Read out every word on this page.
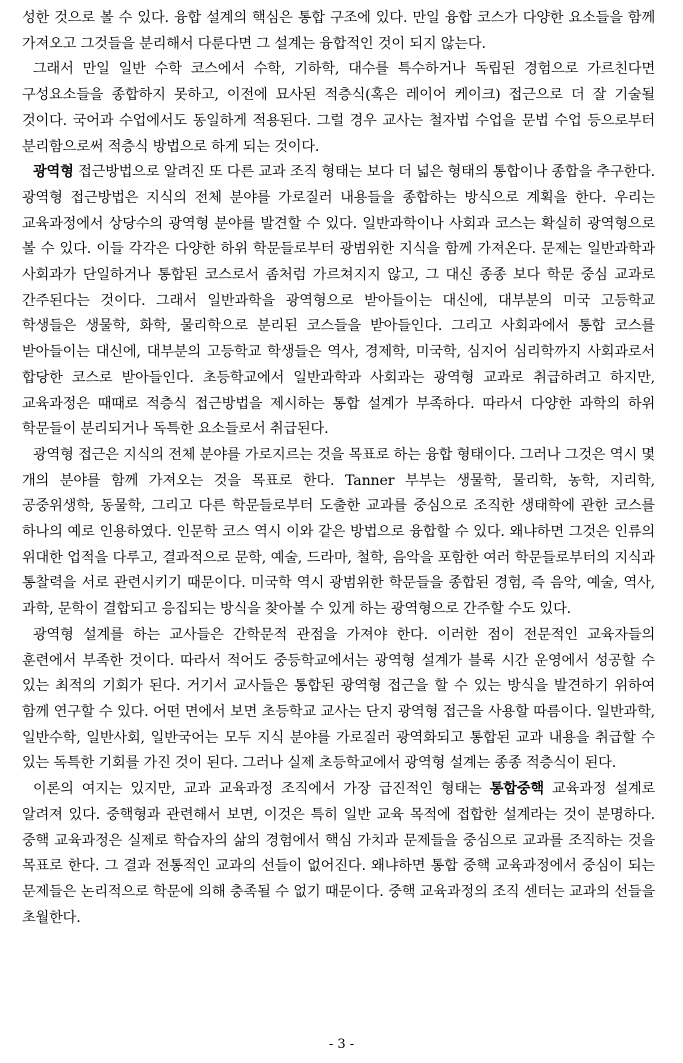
성한 것으로 볼 수 있다. 융합 설계의 핵심은 통합 구조에 있다. 만일 융합 코스가 다양한 요소들을 함께 가져오고 그것들을 분리해서 다룬다면 그 설계는 융합적인 것이 되지 않는다.

그래서 만일 일반 수학 코스에서 수학, 기하학, 대수를 특수하거나 독립된 경험으로 가르친다면 구성요소들을 종합하지 못하고, 이전에 묘사된 적층식(혹은 레이어 케이크) 접근으로 더 잘 기술될 것이다. 국어과 수업에서도 동일하게 적용된다. 그럴 경우 교사는 철자법 수업을 문법 수업 등으로부터 분리함으로써 적층식 방법으로 하게 되는 것이다.

광역형 접근방법으로 알려진 또 다른 교과 조직 형태는 보다 더 넓은 형태의 통합이나 종합을 추구한다. 광역형 접근방법은 지식의 전체 분야를 가로질러 내용들을 종합하는 방식으로 계획을 한다. 우리는 교육과정에서 상당수의 광역형 분야를 발견할 수 있다. 일반과학이나 사회과 코스는 확실히 광역형으로 볼 수 있다. 이들 각각은 다양한 하위 학문들로부터 광범위한 지식을 함께 가져온다. 문제는 일반과학과 사회과가 단일하거나 통합된 코스로서 좀처럼 가르쳐지지 않고, 그 대신 종종 보다 학문 중심 교과로 간주된다는 것이다. 그래서 일반과학을 광역형으로 받아들이는 대신에, 대부분의 미국 고등학교 학생들은 생물학, 화학, 물리학으로 분리된 코스들을 받아들인다. 그리고 사회과에서 통합 코스를 받아들이는 대신에, 대부분의 고등학교 학생들은 역사, 경제학, 미국학, 심지어 심리학까지 사회과로서 합당한 코스로 받아들인다. 초등학교에서 일반과학과 사회과는 광역형 교과로 취급하려고 하지만, 교육과정은 때때로 적층식 접근방법을 제시하는 통합 설계가 부족하다. 따라서 다양한 과학의 하위 학문들이 분리되거나 독특한 요소들로서 취급된다.

광역형 접근은 지식의 전체 분야를 가로지르는 것을 목표로 하는 융합 형태이다. 그러나 그것은 역시 몇 개의 분야를 함께 가져오는 것을 목표로 한다. Tanner 부부는 생물학, 물리학, 농학, 지리학, 공중위생학, 동물학, 그리고 다른 학문들로부터 도출한 교과를 중심으로 조직한 생태학에 관한 코스를 하나의 예로 인용하였다. 인문학 코스 역시 이와 같은 방법으로 융합할 수 있다. 왜냐하면 그것은 인류의 위대한 업적을 다루고, 결과적으로 문학, 예술, 드라마, 철학, 음악을 포함한 여러 학문들로부터의 지식과 통찰력을 서로 관련시키기 때문이다. 미국학 역시 광범위한 학문들을 종합된 경험, 즉 음악, 예술, 역사, 과학, 문학이 결합되고 응집되는 방식을 찾아볼 수 있게 하는 광역형으로 간주할 수도 있다.

광역형 설계를 하는 교사들은 간학문적 관점을 가져야 한다. 이러한 점이 전문적인 교육자들의 훈련에서 부족한 것이다. 따라서 적어도 중등학교에서는 광역형 설계가 블록 시간 운영에서 성공할 수 있는 최적의 기회가 된다. 거기서 교사들은 통합된 광역형 접근을 할 수 있는 방식을 발견하기 위하여 함께 연구할 수 있다. 어떤 면에서 보면 초등학교 교사는 단지 광역형 접근을 사용할 따름이다. 일반과학, 일반수학, 일반사회, 일반국어는 모두 지식 분야를 가로질러 광역화되고 통합된 교과 내용을 취급할 수 있는 독특한 기회를 가진 것이 된다. 그러나 실제 초등학교에서 광역형 설계는 종종 적층식이 된다.

이론의 여지는 있지만, 교과 교육과정 조직에서 가장 급진적인 형태는 통합중핵 교육과정 설계로 알려져 있다. 중핵형과 관련해서 보면, 이것은 특히 일반 교육 목적에 접합한 설계라는 것이 분명하다. 중핵 교육과정은 실제로 학습자의 삶의 경험에서 핵심 가치과 문제들을 중심으로 교과를 조직하는 것을 목표로 한다. 그 결과 전통적인 교과의 선들이 없어진다. 왜냐하면 통합 중핵 교육과정에서 중심이 되는 문제들은 논리적으로 학문에 의해 충족될 수 없기 때문이다. 중핵 교육과정의 조직 센터는 교과의 선들을 초월한다.

- 3 -
